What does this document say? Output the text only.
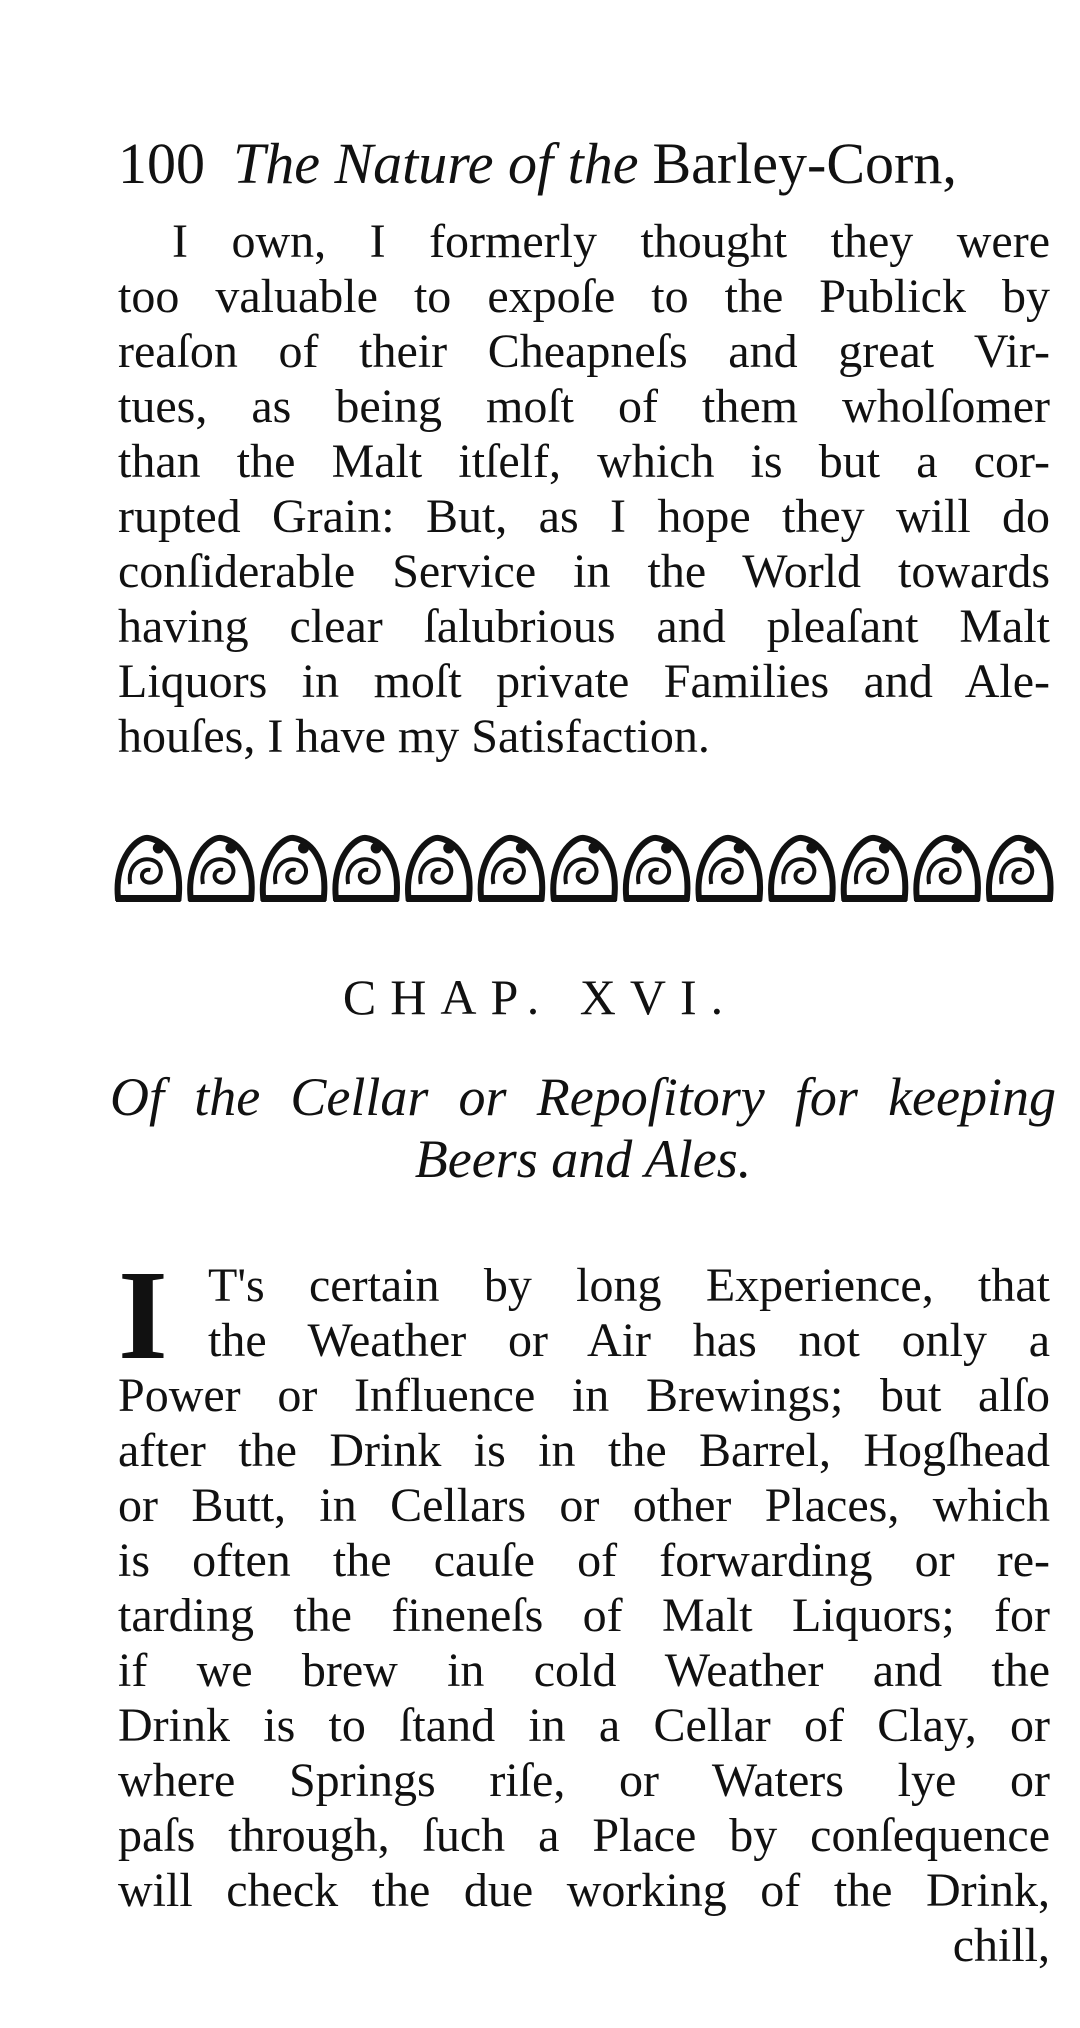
100 The Nature of the Barley-Corn,
I own, I formerly thought they were
too valuable to expoſe to the Publick by
reaſon of their Cheapneſs and great Vir-
tues, as being moſt of them wholſomer
than the Malt itſelf, which is but a cor-
rupted Grain: But, as I hope they will do
conſiderable Service in the World towards
having clear ſalubrious and pleaſant Malt
Liquors in moſt private Families and Ale-
houſes, I have my Satisfaction.
CHAP. XVI.
Of the Cellar or Repoſitory for keeping
Beers and Ales.
I T's certain by long Experience, that
the Weather or Air has not only a
Power or Influence in Brewings; but alſo
after the Drink is in the Barrel, Hogſhead
or Butt, in Cellars or other Places, which
is often the cauſe of forwarding or re-
tarding the fineneſs of Malt Liquors; for
if we brew in cold Weather and the
Drink is to ſtand in a Cellar of Clay, or
where Springs riſe, or Waters lye or
paſs through, ſuch a Place by conſequence
will check the due working of the Drink,
chill,
